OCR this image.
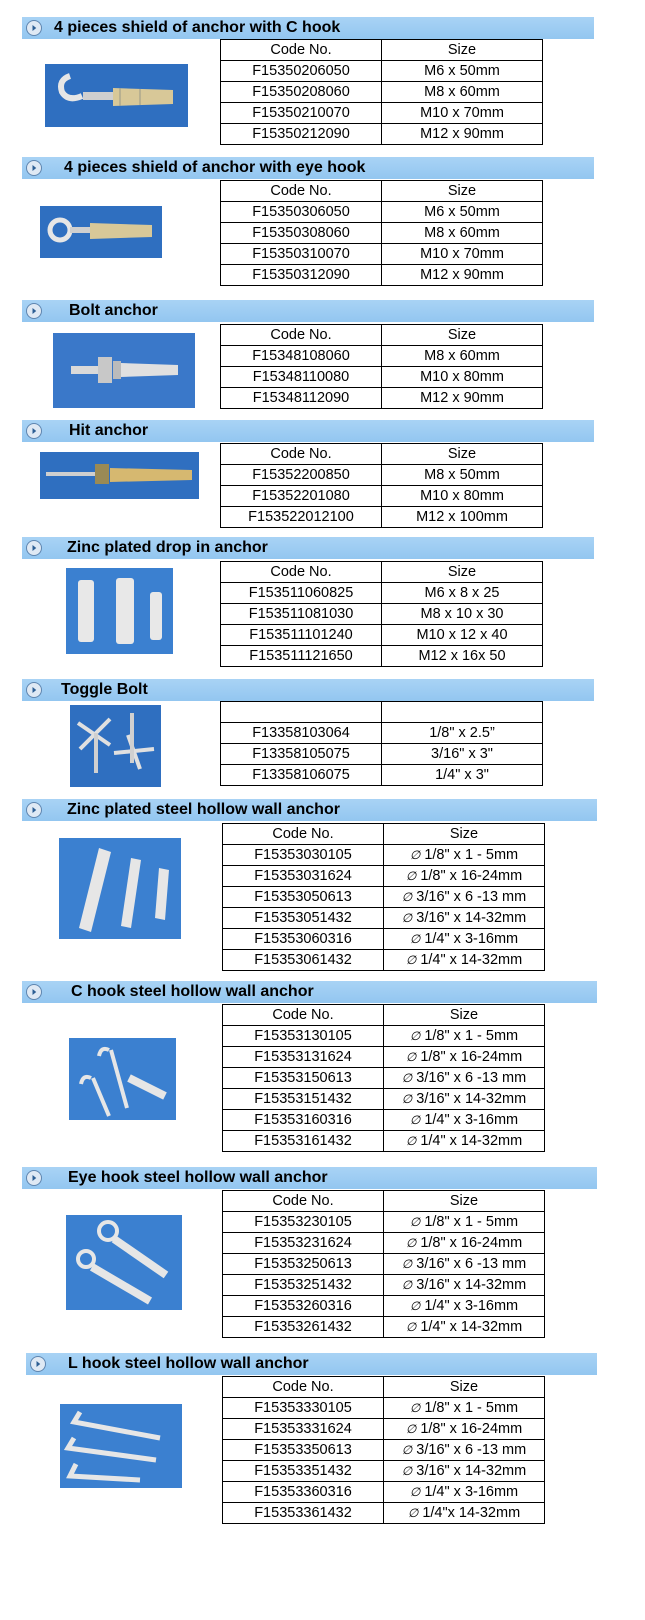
4 pieces shield of anchor with C hook
Code No.	Size
F15350206050	M6 x 50mm
F15350208060	M8 x 60mm
F15350210070	M10 x 70mm
F15350212090	M12 x 90mm
4 pieces shield of anchor with eye hook
Code No.	Size
F15350306050	M6 x 50mm
F15350308060	M8 x 60mm
F15350310070	M10 x 70mm
F15350312090	M12 x 90mm
Bolt anchor
Code No.	Size
F15348108060	M8 x 60mm
F15348110080	M10 x 80mm
F15348112090	M12 x 90mm
Hit anchor
Code No.	Size
F15352200850	M8 x 50mm
F15352201080	M10 x 80mm
F153522012100	M12 x 100mm
Zinc plated drop in anchor
Code No.	Size
F153511060825	M6 x 8 x 25
F153511081030	M8 x 10 x 30
F153511101240	M10 x 12 x 40
F153511121650	M12 x 16x 50
Toggle Bolt

F13358103064	1/8" x 2.5”
F13358105075	3/16" x 3"
F13358106075	1/4" x 3"
Zinc plated steel hollow wall anchor
Code No.	Size
F15353030105	∅ 1/8" x 1 - 5mm
F15353031624	∅ 1/8" x 16-24mm
F15353050613	∅ 3/16" x 6 -13 mm
F15353051432	∅ 3/16" x 14-32mm
F15353060316	∅ 1/4" x 3-16mm
F15353061432	∅ 1/4" x 14-32mm
C hook steel hollow wall anchor
Code No.	Size
F15353130105	∅ 1/8" x 1 - 5mm
F15353131624	∅ 1/8" x 16-24mm
F15353150613	∅ 3/16" x 6 -13 mm
F15353151432	∅ 3/16" x 14-32mm
F15353160316	∅ 1/4" x 3-16mm
F15353161432	∅ 1/4" x 14-32mm
Eye hook steel hollow wall anchor
Code No.	Size
F15353230105	∅ 1/8" x 1 - 5mm
F15353231624	∅ 1/8" x 16-24mm
F15353250613	∅ 3/16" x 6 -13 mm
F15353251432	∅ 3/16" x 14-32mm
F15353260316	∅ 1/4" x 3-16mm
F15353261432	∅ 1/4" x 14-32mm
L hook steel hollow wall anchor
Code No.	Size
F15353330105	∅ 1/8" x 1 - 5mm
F15353331624	∅ 1/8" x 16-24mm
F15353350613	∅ 3/16" x 6 -13 mm
F15353351432	∅ 3/16" x 14-32mm
F15353360316	∅ 1/4" x 3-16mm
F15353361432	∅ 1/4"x 14-32mm
